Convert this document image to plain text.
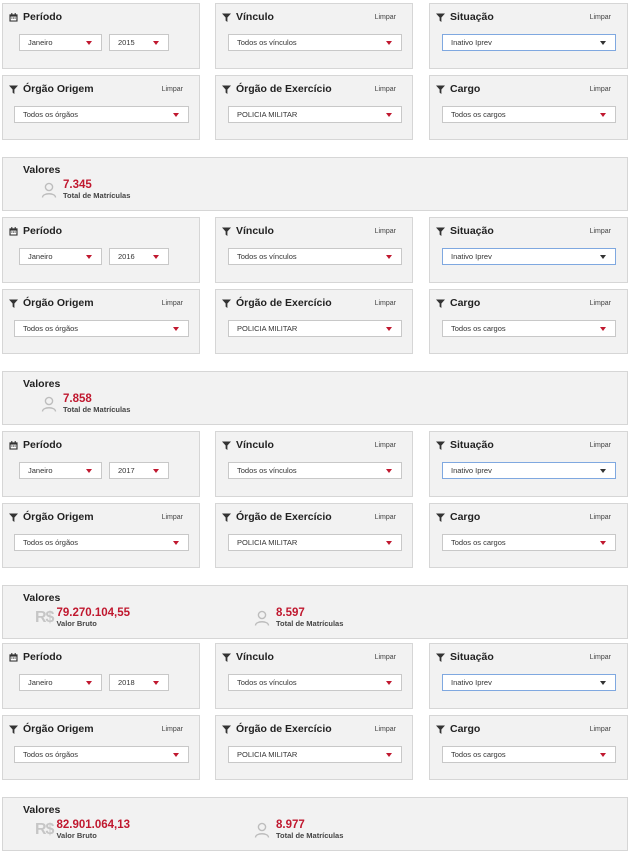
Período
Janeiro	2015
Vínculo	Limpar
Todos os vínculos
Situação	Limpar
Inativo Iprev
Órgão Origem	Limpar
Todos os órgãos
Órgão de Exercício	Limpar
POLICIA MILITAR
Cargo	Limpar
Todos os cargos
Valores
7.345
Total de Matrículas
Período
Janeiro	2016
Vínculo	Limpar
Todos os vínculos
Situação	Limpar
Inativo Iprev
Órgão Origem	Limpar
Todos os órgãos
Órgão de Exercício	Limpar
POLICIA MILITAR
Cargo	Limpar
Todos os cargos
Valores
7.858
Total de Matrículas
Período
Janeiro	2017
Vínculo	Limpar
Todos os vínculos
Situação	Limpar
Inativo Iprev
Órgão Origem	Limpar
Todos os órgãos
Órgão de Exercício	Limpar
POLICIA MILITAR
Cargo	Limpar
Todos os cargos
Valores
R$ 79.270.104,55
Valor Bruto
8.597
Total de Matrículas
Período
Janeiro	2018
Vínculo	Limpar
Todos os vínculos
Situação	Limpar
Inativo Iprev
Órgão Origem	Limpar
Todos os órgãos
Órgão de Exercício	Limpar
POLICIA MILITAR
Cargo	Limpar
Todos os cargos
Valores
R$ 82.901.064,13
Valor Bruto
8.977
Total de Matrículas
